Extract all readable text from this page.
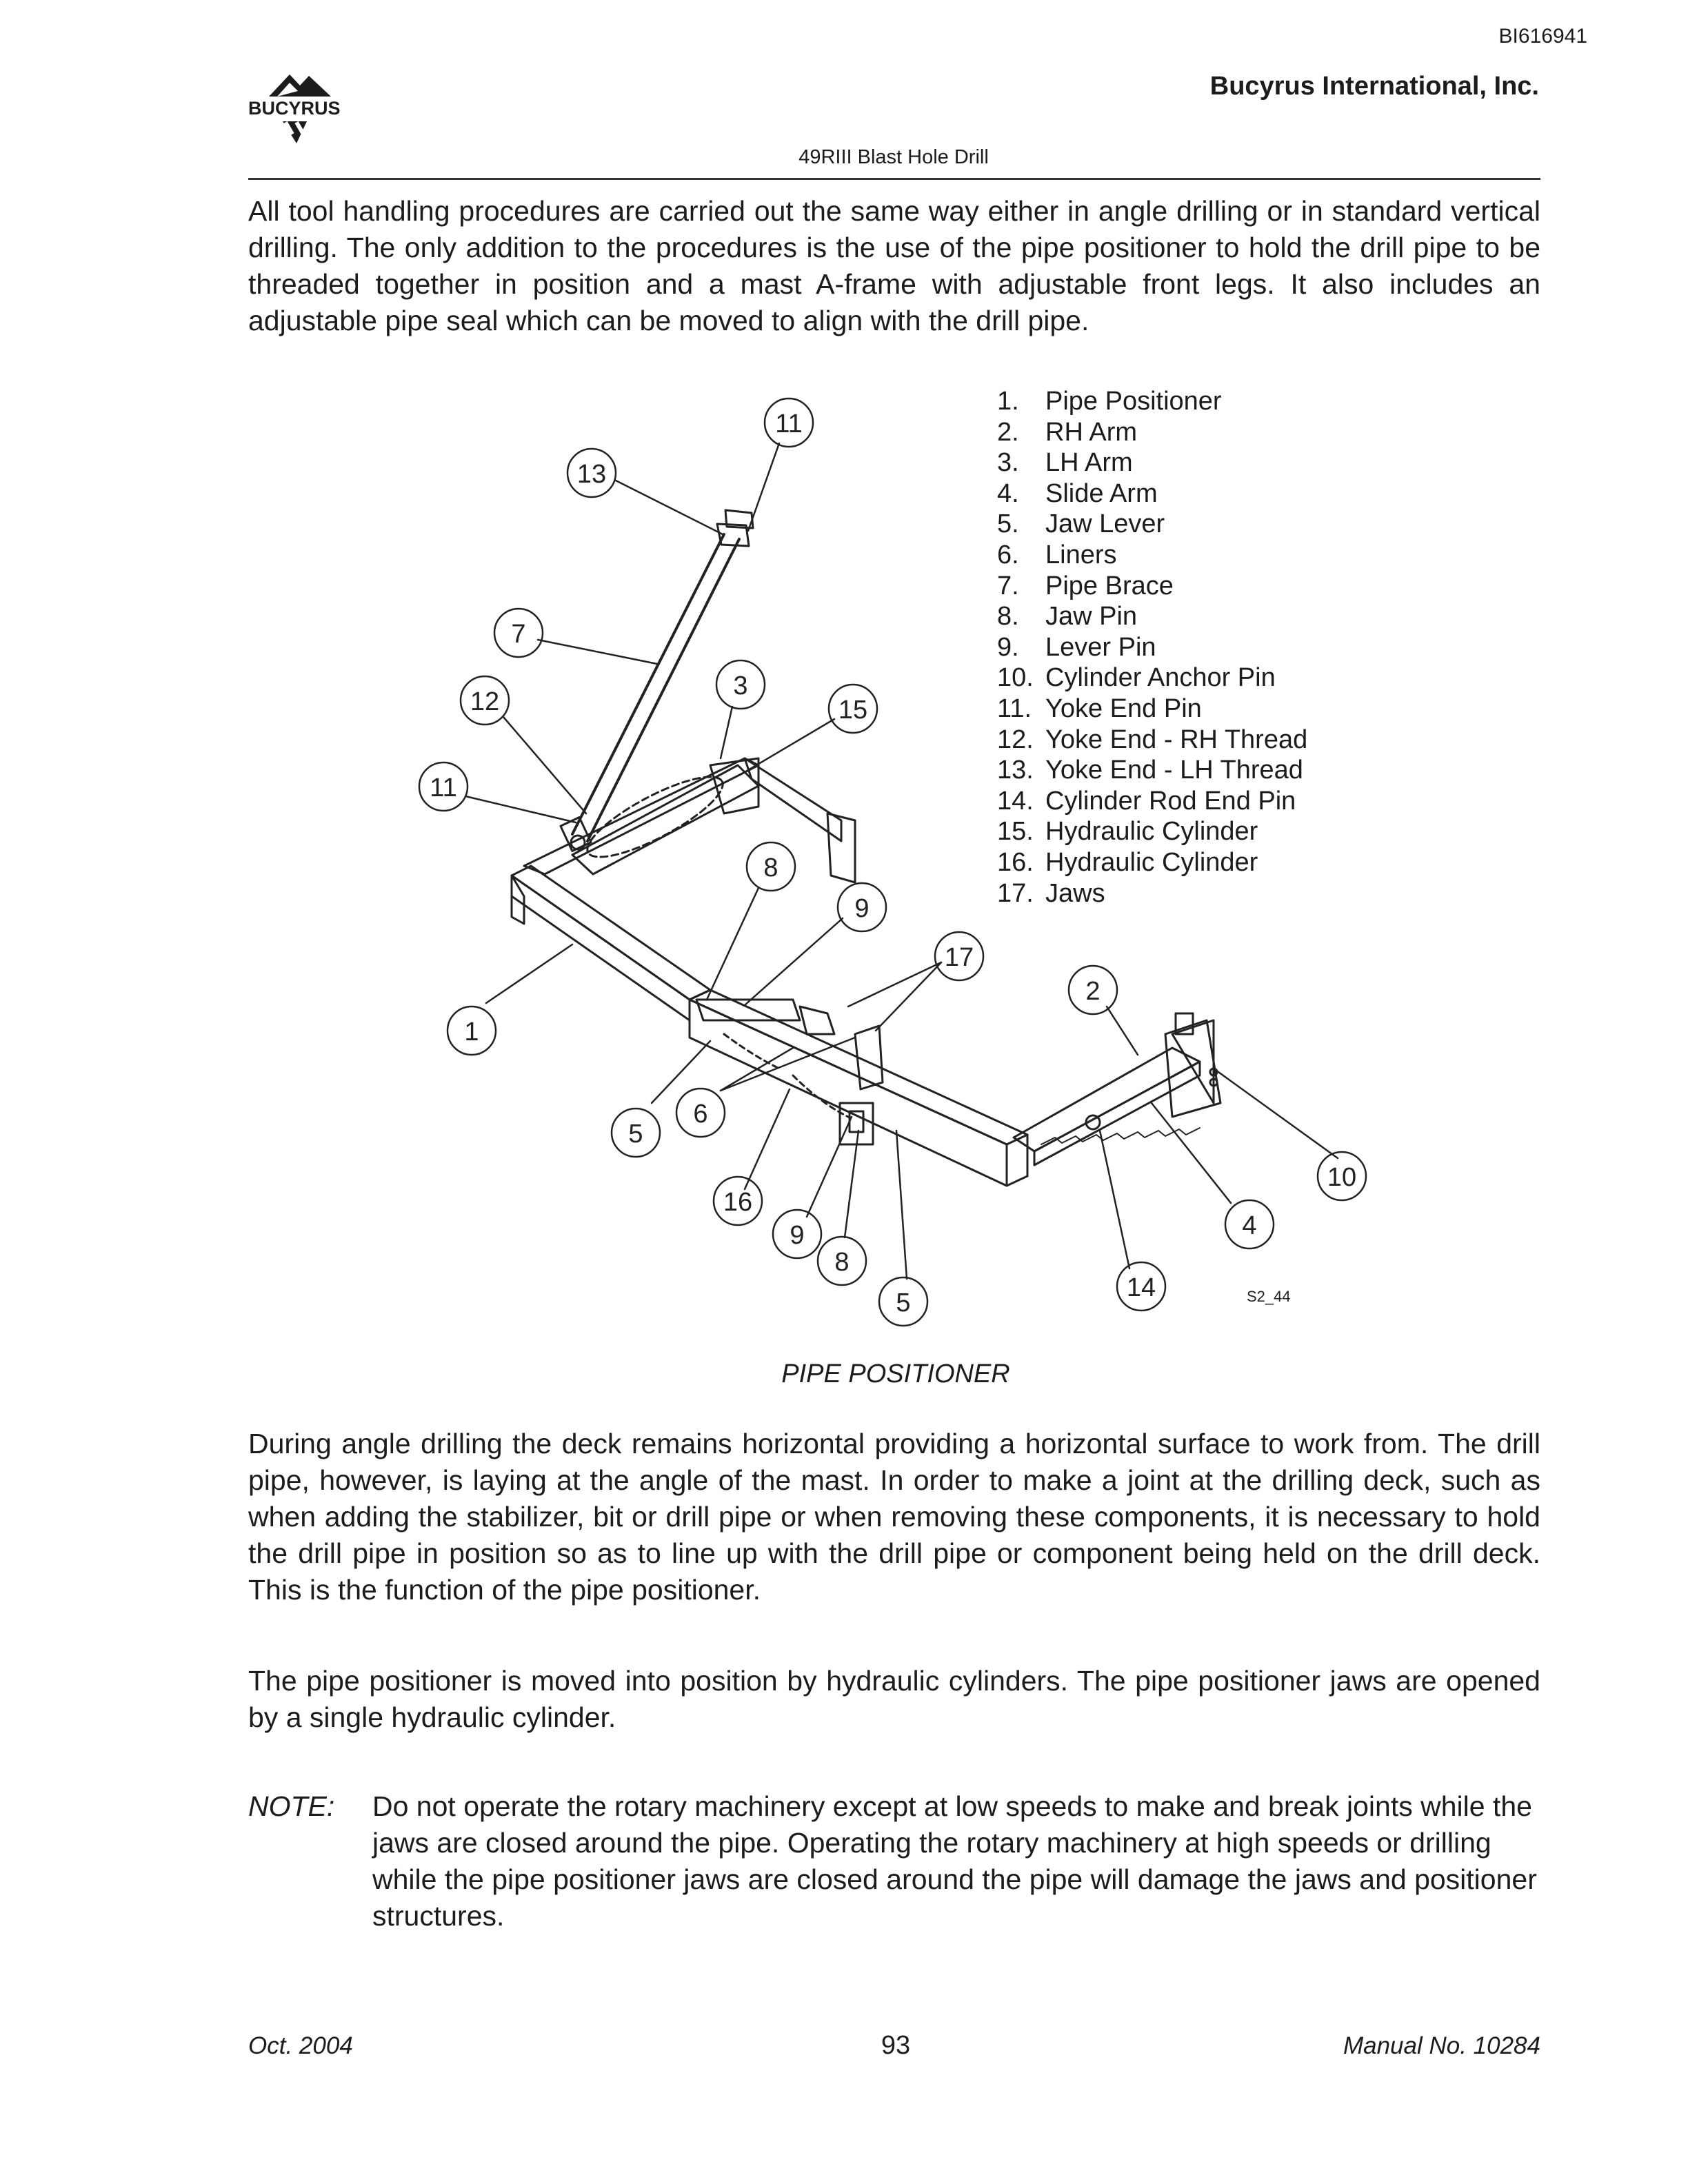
BI616941
Bucyrus International, Inc.
BUCYRUS
49RIII Blast Hole Drill
All tool handling procedures are carried out the same way either in angle drilling or in standard vertical drilling. The only addition to the procedures is the use of the pipe positioner to hold the drill pipe to be threaded together in position and a mast A-frame with adjustable front legs. It also includes an adjustable pipe seal which can be moved to align with the drill pipe.
11
13
7
3
15
12
11
8
9
17
2
1
5
6
10
4
16
9
8
5
14	S2_44
1.	Pipe Positioner
2.	RH Arm
3.	LH Arm
4.	Slide Arm
5.	Jaw Lever
6.	Liners
7.	Pipe Brace
8.	Jaw Pin
9.	Lever Pin
10. Cylinder Anchor Pin
11. Yoke End Pin
12. Yoke End - RH Thread
13. Yoke End - LH Thread
14. Cylinder Rod End Pin
15. Hydraulic Cylinder
16. Hydraulic Cylinder
17. Jaws
PIPE POSITIONER
During angle drilling the deck remains horizontal providing a horizontal surface to work from. The drill pipe, however, is laying at the angle of the mast. In order to make a joint at the drilling deck, such as when adding the stabilizer, bit or drill pipe or when removing these components, it is necessary to hold the drill pipe in position so as to line up with the drill pipe or component being held on the drill deck. This is the function of the pipe positioner.
The pipe positioner is moved into position by hydraulic cylinders. The pipe positioner jaws are opened by a single hydraulic cylinder.
NOTE: Do not operate the rotary machinery except at low speeds to make and break joints while the jaws are closed around the pipe. Operating the rotary machinery at high speeds or drilling while the pipe positioner jaws are closed around the pipe will damage the jaws and positioner structures.
Oct. 2004	93	Manual No. 10284
